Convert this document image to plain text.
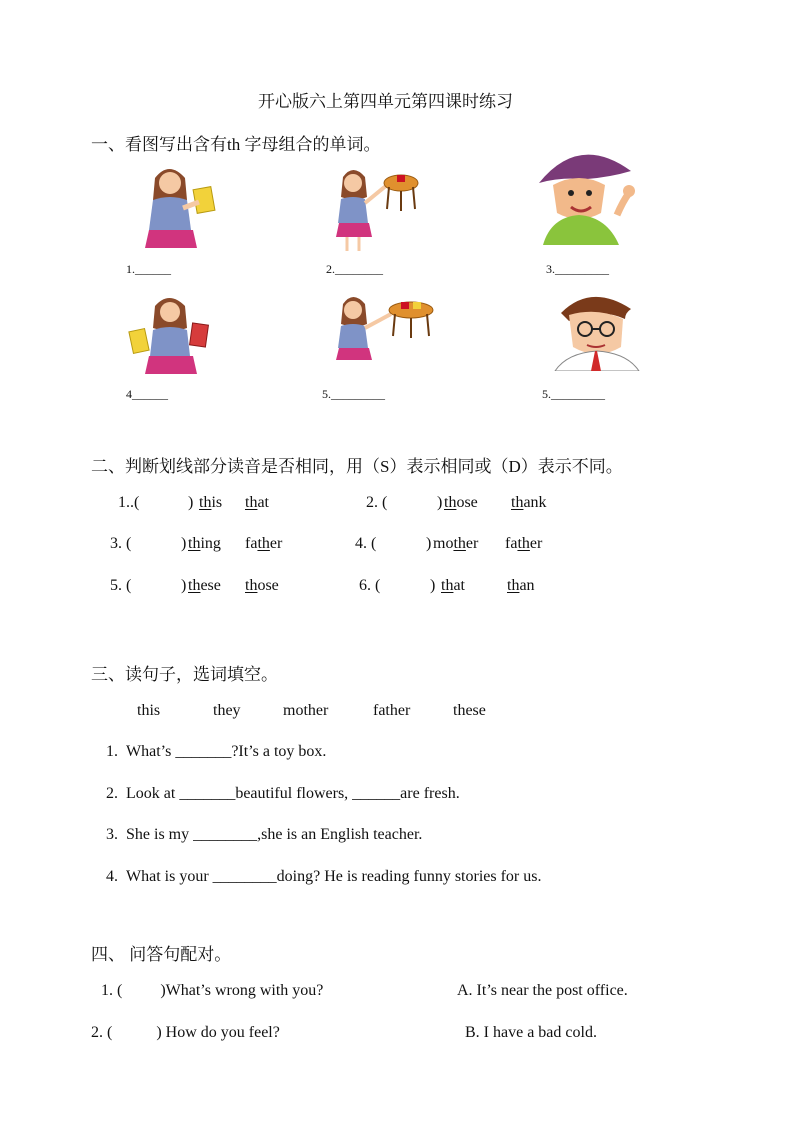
开心版六上第四单元第四课时练习
一、看图写出含有th 字母组合的单词。
1.______	2.________	3._________
4______	5._________	5._________
二、判断划线部分读音是否相同，用（S）表示相同或（D）表示不同。
1..(	) this that	2. (	) those thank
3. (	) thing father	4. (	) mother father
5. (	) these those	6. (	) that	than
三、读句子，选词填空。
this	they	mother	father	these
1. What’s _______?It’s a toy box.
2. Look at _______beautiful flowers, ______are fresh.
3. She is my ________,she is an English teacher.
4. What is your ________doing? He is reading funny stories for us.
四、 问答句配对。
1. ( )What’s wrong with you?	A. It’s near the post office.
2. (	) How do you feel?	B. I have a bad cold.
